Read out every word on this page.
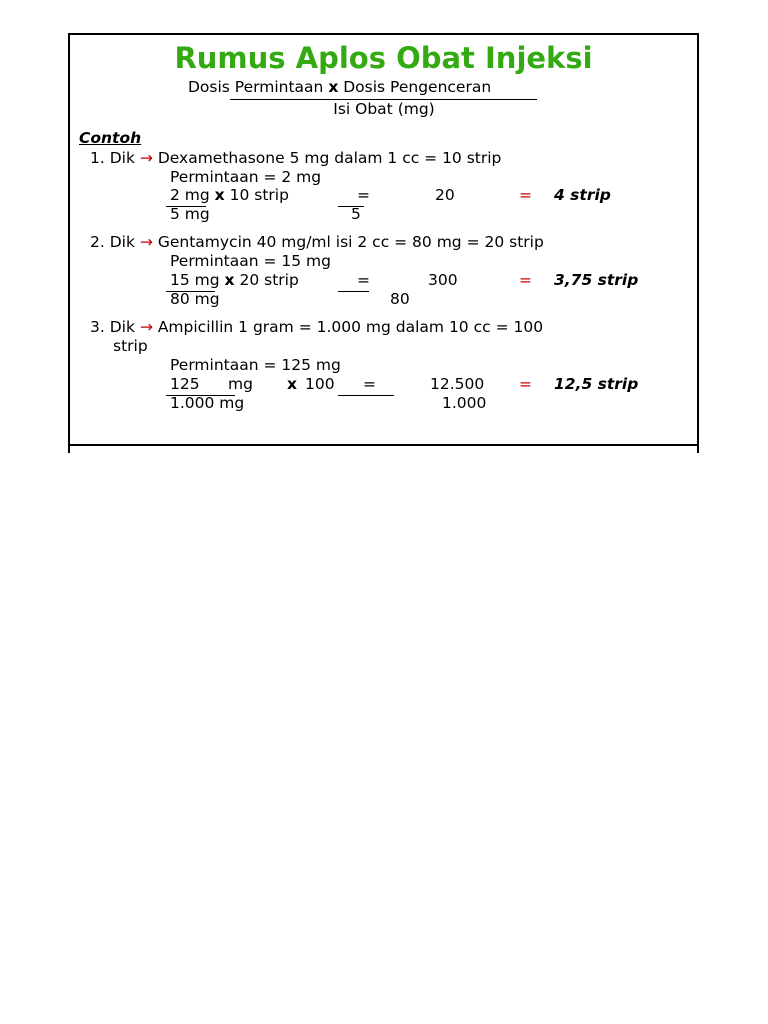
Rumus Aplos Obat Injeksi
Dosis Permintaan x Dosis Pengenceran
Isi Obat (mg)
Contoh
1. Dik → Dexamethasone 5 mg dalam 1 cc = 10 strip
Permintaan = 2 mg
2 mg x 10 strip	=	20	= 4 strip
5 mg	5
2. Dik → Gentamycin 40 mg/ml isi 2 cc = 80 mg = 20 strip
Permintaan = 15 mg
15 mg x 20 strip	=	300	= 3,75 strip
80 mg	80
3. Dik → Ampicillin 1 gram = 1.000 mg dalam 10 cc = 100
strip
Permintaan = 125 mg
125 mg x 100 =	12.500 = 12,5 strip
1.000 mg	1.000
